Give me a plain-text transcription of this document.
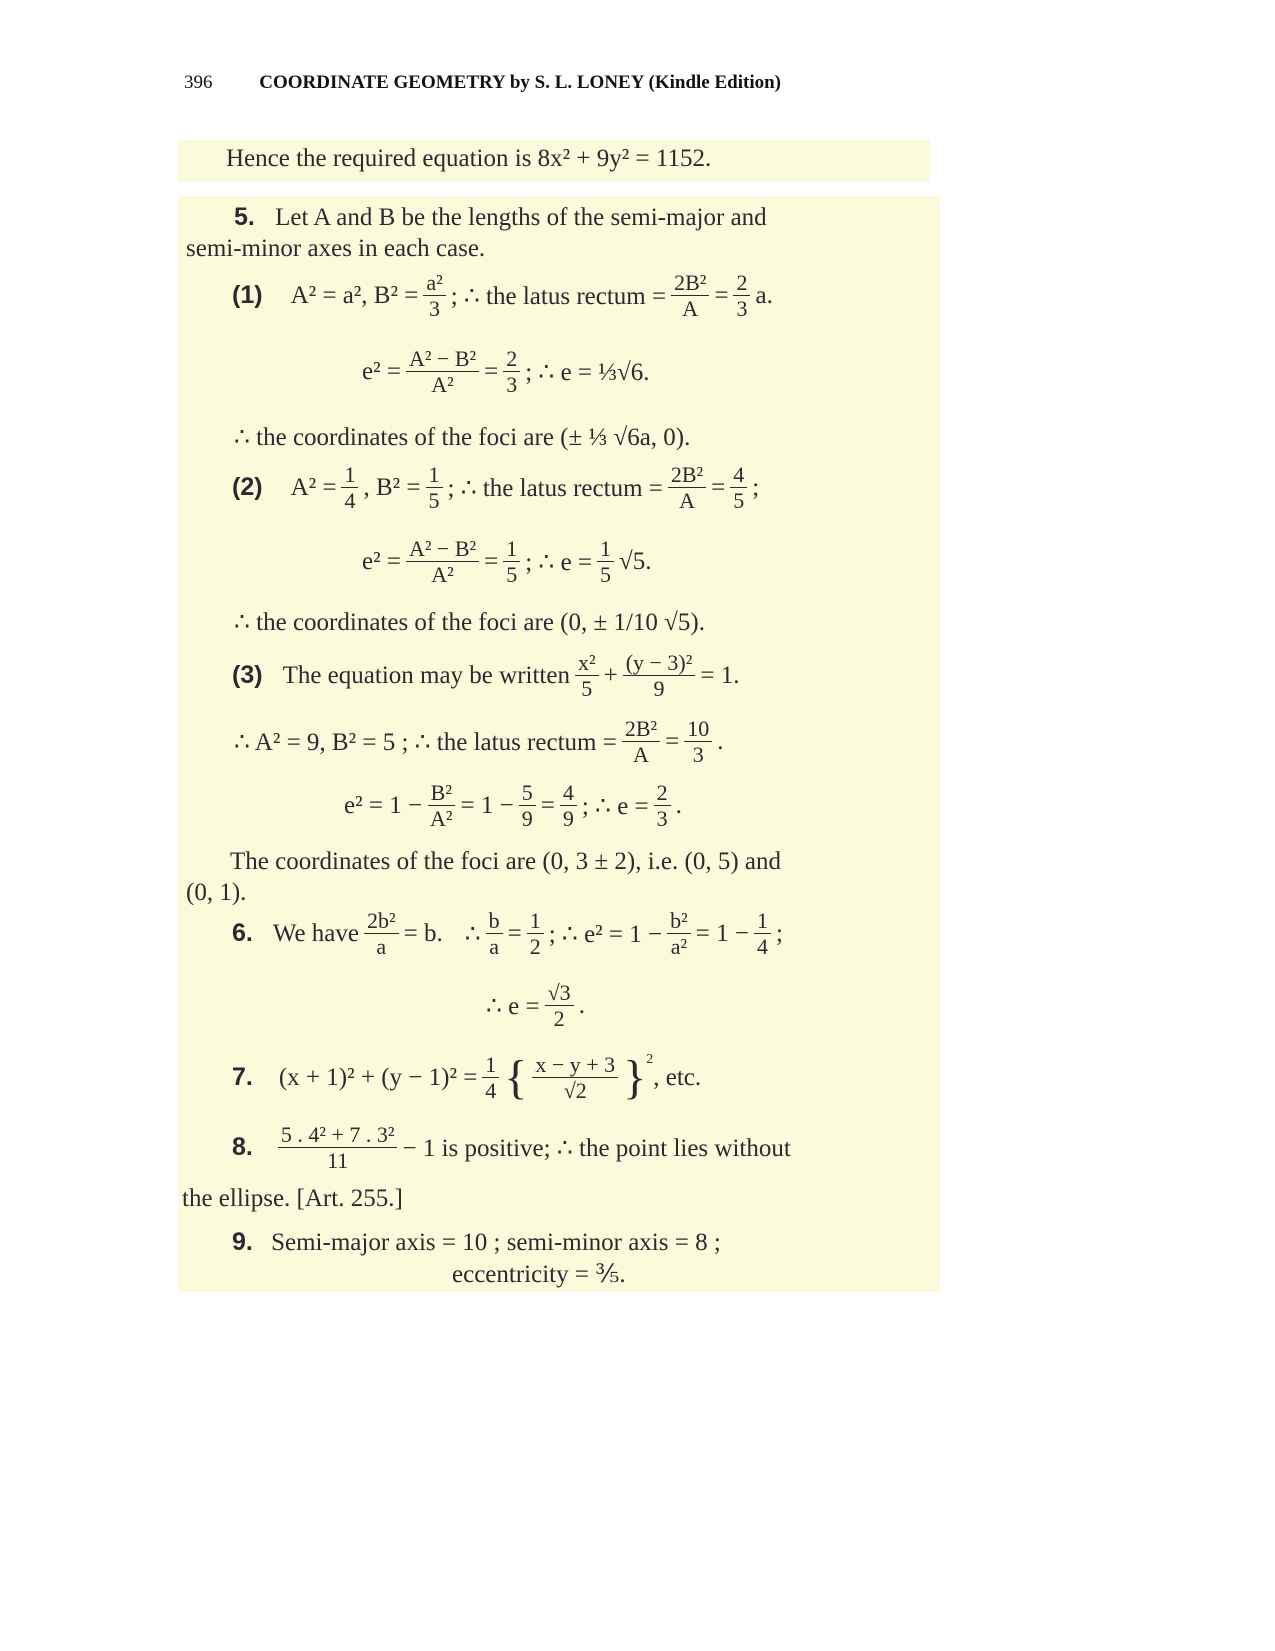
396 COORDINATE GEOMETRY by S. L. LONEY (Kindle Edition)
Hence the required equation is 8x² + 9y² = 1152.
5. Let A and B be the lengths of the semi-major and
semi-minor axes in each case.
(1) A² = a², $B^2 = \frac{\text{a²}}{3}$ ; ∴ the latus rectum = $\frac{\text{2B²}}{A} = \frac{2}{3} a$.
$e^2 = \frac{\text{A² − B²}}{\text{A²}} = \frac{2}{3}$ ; ∴ e = ⅓√6.
∴ the coordinates of the foci are (± ⅓ √6a, 0).
(2) $A^2 = \frac{1}{4}$ , $B^2 = \frac{1}{5}$ ; ∴ the latus rectum = $\frac{\text{2B²}}{A} = \frac{4}{5}$ ;
$e^2 = \frac{\text{A² − B²}}{\text{A²}} = \frac{1}{5}$ ; ∴ $e = \frac{1}{5} √5$.
∴ the coordinates of the foci are (0, ± 1/10 √5).
(3) The equation may be written $\frac{\text{x²}}{5} + \frac{\text{(y − 3)²}}{9} = 1$.
∴ A² = 9, B² = 5 ; ∴ the latus rectum = $\frac{\text{2B²}}{A} = \frac{10}{3}$ .
$e^2 = 1 - \frac{\text{B²}}{\text{A²}} = 1 - \frac{5}{9} = \frac{4}{9}$ ; ∴ $e = \frac{2}{3}$ .
The coordinates of the foci are (0, 3 ± 2), i.e. (0, 5) and
(0, 1).
6. We have $\frac{\text{2b²}}{a} = b$. ∴ $\frac{b}{a} = \frac{1}{2}$ ; ∴ $e^2 = 1 - \frac{\text{b²}}{\text{a²}} = 1 - \frac{1}{4}$ ;
∴ $e = \frac{√3}{2}$ .
7. $(x + 1)^2 + (y - 1)^2 = \frac{1}{4}$ { $\frac{x - y + 3}{√2} \}^2$
, etc.
8. $\frac{\text{5 . 4² + 7 . 3²}}{11} - 1$ is positive; ∴ the point lies without
the ellipse. [Art. 255.]
9. Semi-major axis = 10 ; semi-minor axis = 8 ;
eccentricity = ⅗.
